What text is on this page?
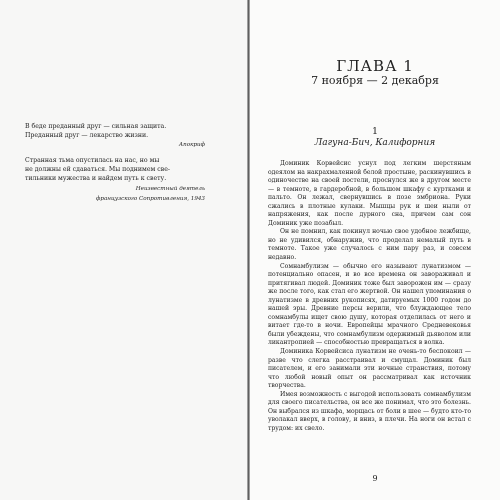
В беде преданный друг — сильная защита.

Преданный друг — лекарство жизни.

Апокриф

Странная тьма опустилась на нас, но мы

не должны ей сдаваться. Мы поднимем све-

тильники мужества и найдем путь к свету.

Неизвестный деятель

французского Сопротивления, 1943

ГЛАВА 1
7 ноября — 2 декабря
1
Лагуна-Бич, Калифорния

Доминик Корвейсис уснул под легким шерстяным одеялом на накрахмаленной белой простыне, раскинувшись в одиночестве на своей постели, проснулся же в другом месте — в темноте, в гардеробной, в большом шкафу с куртками и пальто. Он лежал, свернувшись в позе эмбриона. Руки сжались в плотные кулаки. Мышцы рук и шеи ныли от напряжения, как после дурного сна, причем сам сон Доминик уже позабыл.

Он не помнил, как покинул ночью свое удобное лежбище, но не удивился, обнаружив, что проделал немалый путь в темноте. Такое уже случалось с ним пару раз, и совсем недавно.

Сомнамбулизм — обычно его называют лунатизмом — потенциально опасен, и во все времена он завораживал и притягивал людей. Доминик тоже был заворожен им — сразу же после того, как стал его жертвой. Он нашел упоминания о лунатизме в древних рукописях, датируемых 1000 годом до нашей эры. Древние персы верили, что блуждающее тело сомнамбулы ищет свою душу, которая отделилась от него и витает где-то в ночи. Европейцы мрачного Средневековья были убеждены, что сомнамбулизм одержимый дьяволом или ликантропией — способностью превращаться в волка.

Доминика Корвейсиса лунатизм не очень-то беспокоил — разве что слегка расстраивал и смущал. Доминик был писателем, и его занимали эти ночные странствия, потому что любой новый опыт он рассматривал как источник творчества.

Имея возможность с выгодой использовать сомнамбулизм для своего писательства, он все же понимал, что это болезнь. Он выбрался из шкафа, морщась от боли в шее — будто кто-то уволакал вверх, в голову, и вниз, в плечи. На ноги он встал с трудом: их свело.

9
